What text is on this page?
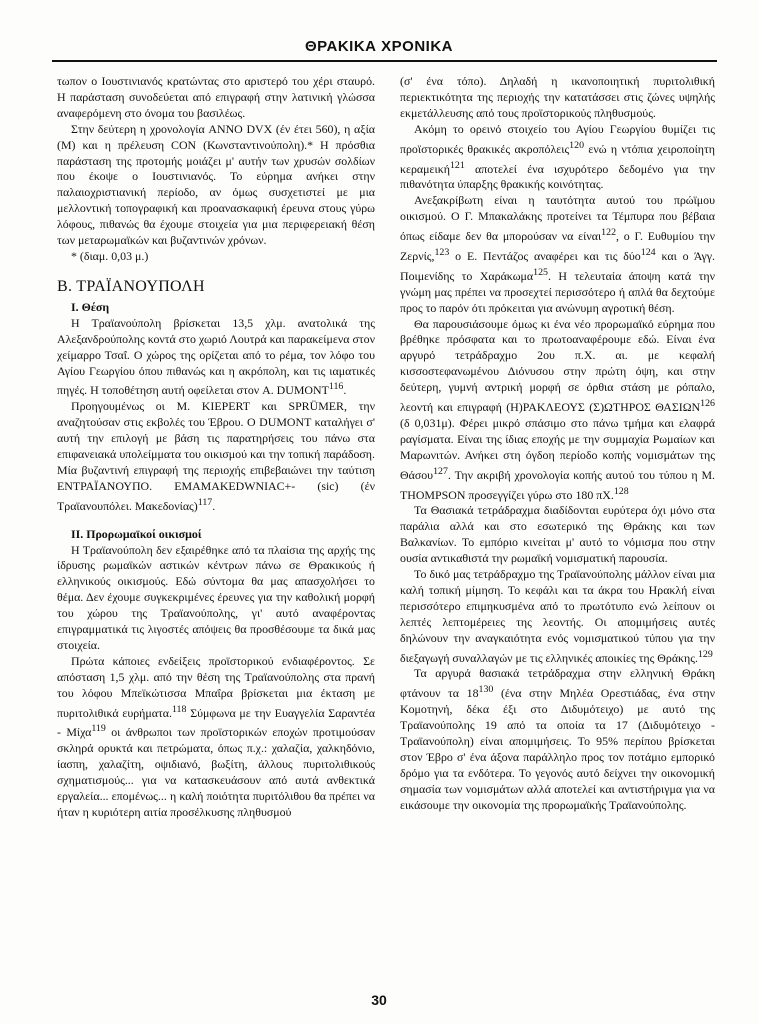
ΘΡΑΚΙΚΑ ΧΡΟΝΙΚΑ

τωπον ο Ιουστινιανός κρατώντας στο αριστερό του χέρι σταυρό. Η παράσταση συνοδεύεται από επιγραφή στην λατινική γλώσσα αναφερόμενη στο όνομα του βασιλέως.

Στην δεύτερη η χρονολογία ANNO DVX (έν έτει 560), η αξία (M) και η πρέλευση CON (Κωνσταντινούπολη).* Η πρόσθια παράσταση της προτομής μοιάζει μ' αυτήν των χρυσών σολδίων που έκοψε ο Ιουστινιανός. Το εύρημα ανήκει στην παλαιοχριστιανική περίοδο, αν όμως συσχετιστεί με μια μελλοντική τοπογραφική και προανασκαφική έρευνα στους γύρω λόφους, πιθανώς θα έχουμε στοιχεία για μια περιφερειακή θέση των μεταρωμαϊκών και βυζαντινών χρόνων.

* (διαμ. 0,03 μ.)

Β. ΤΡΑΪΑΝΟΥΠΟΛΗ

Ι. Θέση

Η Τραϊανούπολη βρίσκεται 13,5 χλμ. ανατολικά της Αλεξανδρούπολης κοντά στο χωριό Λουτρά και παρακείμενα στον χείμαρρο Τσαΐ. Ο χώρος της ορίζεται από το ρέμα, τον λόφο του Αγίου Γεωργίου όπου πιθανώς και η ακρόπολη, και τις ιαματικές πηγές. Η τοποθέτηση αυτή οφείλεται στον A. DUMONT$^{116}$.

Προηγουμένως οι M. KIEPERT και SPRÜMER, την αναζητούσαν στις εκβολές του Έβρου. Ο DUMONT καταλήγει σ' αυτή την επιλογή με βάση τις παρατηρήσεις του πάνω στα επιφανειακά υπολείμματα του οικισμού και την τοπική παράδοση. Μία βυζαντινή επιγραφή της περιοχής επιβεβαιώνει την ταύτιση ΕΝΤΡΑΪΑΝΟΥΠΟ. EMAMAKEDWNIAC+- (sic) (έν Τραϊανουπόλει. Μακεδονίας)$^{117}$.

ΙΙ. Προρωμαϊκοί οικισμοί

Η Τραϊανούπολη δεν εξαιρέθηκε από τα πλαίσια της αρχής της ίδρυσης ρωμαϊκών αστικών κέντρων πάνω σε Θρακικούς ή ελληνικούς οικισμούς. Εδώ σύντομα θα μας απασχολήσει το θέμα. Δεν έχουμε συγκεκριμένες έρευνες για την καθολική μορφή του χώρου της Τραϊανούπολης, γι' αυτό αναφέροντας επιγραμματικά τις λιγοστές απόψεις θα προσθέσουμε τα δικά μας στοιχεία.

Πρώτα κάποιες ενδείξεις προϊστορικού ενδιαφέροντος. Σε απόσταση 1,5 χλμ. από την θέση της Τραϊανούπολης στα πρανή του λόφου Μπεϊκώτισσα Μπαΐρα βρίσκεται μια έκταση με πυριτολιθικά ευρήματα.$^{118}$ Σύμφωνα με την Ευαγγελία Σαραντέα - Μίχα$^{119}$ οι άνθρωποι των προϊστορικών εποχών προτιμούσαν σκληρά ορυκτά και πετρώματα, όπως π.χ.: χαλαζία, χαλκηδόνιο, ίασπη, χαλαζίτη, οψιδιανό, βωξίτη, άλλους πυριτολιθικούς σχηματισμούς... για να κατασκευάσουν από αυτά ανθεκτικά εργαλεία... επομένως... η καλή ποιότητα πυριτόλιθου θα πρέπει να ήταν η κυριότερη αιτία προσέλκυσης πληθυσμού

(σ' ένα τόπο). Δηλαδή η ικανοποιητική πυριτολιθική περιεκτικότητα της περιοχής την κατατάσσει στις ζώνες υψηλής εκμετάλλευσης από τους προϊστορικούς πληθυσμούς.

Ακόμη το ορεινό στοιχείο του Αγίου Γεωργίου θυμίζει τις προϊστορικές θρακικές ακροπόλεις$^{120}$ ενώ η ντόπια χειροποίητη κεραμεική$^{121}$ αποτελεί ένα ισχυρότερο δεδομένο για την πιθανότητα ύπαρξης θρακικής κοινότητας.

Ανεξακρίβωτη είναι η ταυτότητα αυτού του πρώϊμου οικισμού. Ο Γ. Μπακαλάκης προτείνει τα Τέμπυρα που βέβαια όπως είδαμε δεν θα μπορούσαν να είναι$^{122}$, ο Γ. Ευθυμίου την Ζερνίς,$^{123}$ ο Ε. Πεντάζος αναφέρει και τις δύο$^{124}$ και ο Άγγ. Ποιμενίδης το Χαράκωμα$^{125}$. Η τελευταία άποψη κατά την γνώμη μας πρέπει να προσεχτεί περισσότερο ή απλά θα δεχτούμε προς το παρόν ότι πρόκειται για ανώνυμη αγροτική θέση.

Θα παρουσιάσουμε όμως κι ένα νέο προρωμαϊκό εύρημα που βρέθηκε πρόσφατα και το πρωτοαναφέρουμε εδώ. Είναι ένα αργυρό τετράδραχμο 2ου π.Χ. αι. με κεφαλή κισσοστεφανωμένου Διόνυσου στην πρώτη όψη, και στην δεύτερη, γυμνή αντρική μορφή σε όρθια στάση με ρόπαλο, λεοντή και επιγραφή (Η)ΡΑΚΛΕΟΥΣ (Σ)ΩΤΗΡΟΣ ΘΑΣΙΩΝ$^{126}$ (δ 0,031μ). Φέρει μικρό σπάσιμο στο πάνω τμήμα και ελαφρά ραγίσματα. Είναι της ίδιας εποχής με την συμμαχία Ρωμαίων και Μαρωνιτών. Ανήκει στη όγδοη περίοδο κοπής νομισμάτων της Θάσου$^{127}$. Την ακριβή χρονολογία κοπής αυτού του τύπου η M. THOMPSON προσεγγίζει γύρω στο 180 πΧ.$^{128}$

Τα Θασιακά τετράδραχμα διαδίδονται ευρύτερα όχι μόνο στα παράλια αλλά και στο εσωτερικό της Θράκης και των Βαλκανίων. Το εμπόριο κινείται μ' αυτό το νόμισμα που στην ουσία αντικαθιστά την ρωμαϊκή νομισματική παρουσία.

Το δικό μας τετράδραχμο της Τραϊανούπολης μάλλον είναι μια καλή τοπική μίμηση. Το κεφάλι και τα άκρα του Ηρακλή είναι περισσότερο επιμηκυσμένα από το πρωτότυπο ενώ λείπουν οι λεπτές λεπτομέρειες της λεοντής. Οι απομιμήσεις αυτές δηλώνουν την αναγκαιότητα ενός νομισματικού τύπου για την διεξαγωγή συναλλαγών με τις ελληνικές αποικίες της Θράκης.$^{129}$

Τα αργυρά θασιακά τετράδραχμα στην ελληνική Θράκη φτάνουν τα $18^{130}$ (ένα στην Μηλέα Ορεστιάδας, ένα στην Κομοτηνή, δέκα έξι στο Διδυμότειχο) με αυτό της Τραϊανούπολης 19 από τα οποία τα 17 (Διδυμότειχο - Τραϊανούπολη) είναι απομιμήσεις. Το 95% περίπου βρίσκεται στον Έβρο σ' ένα άξονα παράλληλο προς τον ποτάμιο εμπορικό δρόμο για τα ενδότερα. Το γεγονός αυτό δείχνει την οικονομική σημασία των νομισμάτων αλλά αποτελεί και αντιστήριγμα για να εικάσουμε την οικονομία της προρωμαϊκής Τραϊανούπολης.

30
